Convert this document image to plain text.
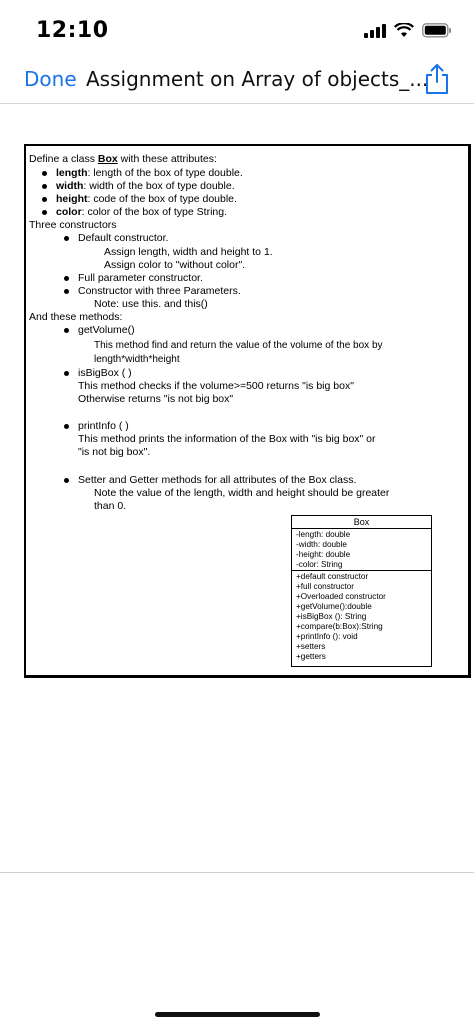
12:10
Done Assignment on Array of objects_...
Define a class Box with these attributes:
length: length of the box of type double.
width: width of the box of type double.
height: code of the box of type double.
color: color of the box of type String.
Three constructors
Default constructor.
Assign length, width and height to 1.
Assign color to "without color".
Full parameter constructor.
Constructor with three Parameters.
Note: use this. and this()
And these methods:
getVolume()
This method find and return the value of the volume of the box by
length*width*height
isBigBox ( )
This method checks if the volume>=500 returns "is big box"
Otherwise returns "is not big box"
printInfo ( )
This method prints the information of the Box with "is big box" or
"is not big box".
Setter and Getter methods for all attributes of the Box class.
Note the value of the length, width and height should be greater
than 0.
Box
-length: double
-width: double
-height: double
-color: String
+default constructor
+full constructor
+Overloaded constructor
+getVolume():double
+isBigBox (): String
+compare(b:Box):String
+printInfo (): void
+setters
+getters
